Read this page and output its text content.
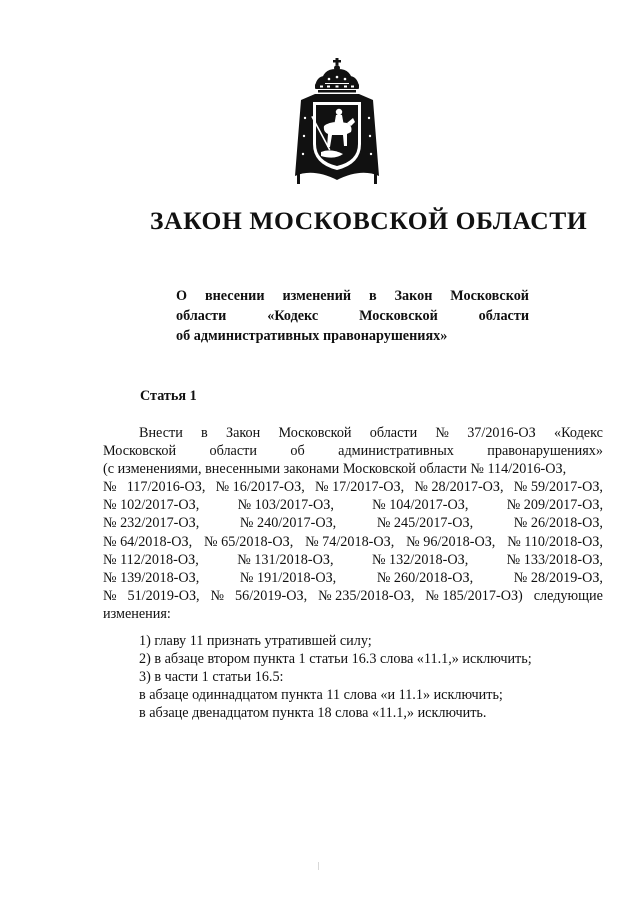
ЗАКОН МОСКОВСКОЙ ОБЛАСТИ
О внесении изменений в Закон Московской
области	«Кодекс	Московской	области
об административных правонарушениях»
Статья 1
Внести в Закон Московской области № 37/2016-ОЗ «Кодекс
Московской области об административных правонарушениях»
(с изменениями, внесенными законами Московской области № 114/2016-ОЗ,
№ 117/2016-ОЗ, № 16/2017-ОЗ, № 17/2017-ОЗ, № 28/2017-ОЗ, № 59/2017-ОЗ,
№ 102/2017-ОЗ,	№ 103/2017-ОЗ,	№ 104/2017-ОЗ,	№ 209/2017-ОЗ,
№ 232/2017-ОЗ,	№ 240/2017-ОЗ,	№ 245/2017-ОЗ,	№ 26/2018-ОЗ,
№ 64/2018-ОЗ, № 65/2018-ОЗ, № 74/2018-ОЗ, № 96/2018-ОЗ, № 110/2018-ОЗ,
№ 112/2018-ОЗ,	№ 131/2018-ОЗ,	№ 132/2018-ОЗ,	№ 133/2018-ОЗ,
№ 139/2018-ОЗ,	№ 191/2018-ОЗ,	№ 260/2018-ОЗ,	№ 28/2019-ОЗ,
№ 51/2019-ОЗ, № 56/2019-ОЗ, № 235/2018-ОЗ, № 185/2017-ОЗ) следующие
изменения:
1) главу 11 признать утратившей силу;
2) в абзаце втором пункта 1 статьи 16.3 слова «11.1,» исключить;
3) в части 1 статьи 16.5:
в абзаце одиннадцатом пункта 11 слова «и 11.1» исключить;
в абзаце двенадцатом пункта 18 слова «11.1,» исключить.
